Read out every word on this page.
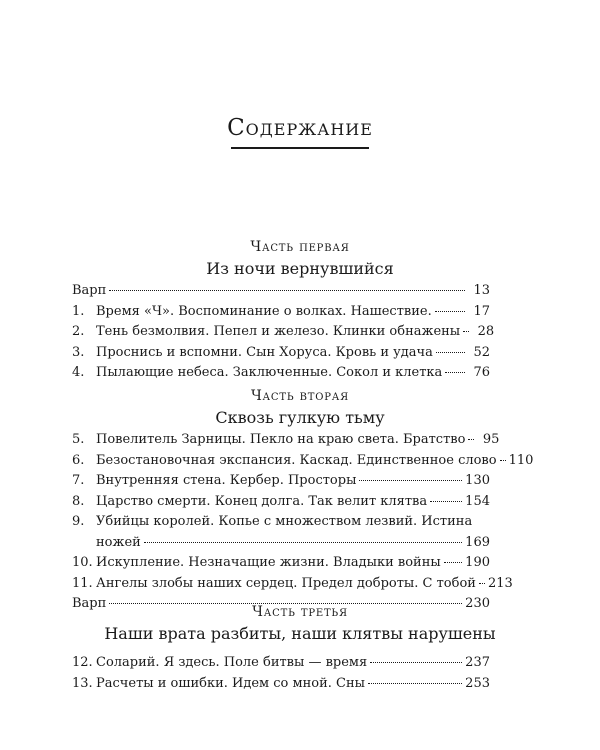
Содержание
Часть первая
Из ночи вернувшийся
Варп	13
1. Время «Ч». Воспоминание о волках. Нашествие.	17
2. Тень безмолвия. Пепел и железо. Клинки обнажены	28
3. Проснись и вспомни. Сын Хоруса. Кровь и удача	52
4. Пылающие небеса. Заключенные. Сокол и клетка	76
Часть вторая
Сквозь гулкую тьму
5. Повелитель Зарницы. Пекло на краю света. Братство	95
6. Безостановочная экспансия. Каскад. Единственное слово 110
7. Внутренняя стена. Кербер. Просторы	130
8. Царство смерти. Конец долга. Так велит клятва	154
9. Убийцы королей. Копье с множеством лезвий. Истина
ножей	169
10. Искупление. Незначащие жизни. Владыки войны 190
11. Ангелы злобы наших сердец. Предел доброты. С тобой 213
Варп	230
Часть третья
Наши врата разбиты, наши клятвы нарушены
12. Соларий. Я здесь. Поле битвы — время	237
13. Расчеты и ошибки. Идем со мной. Сны	253
